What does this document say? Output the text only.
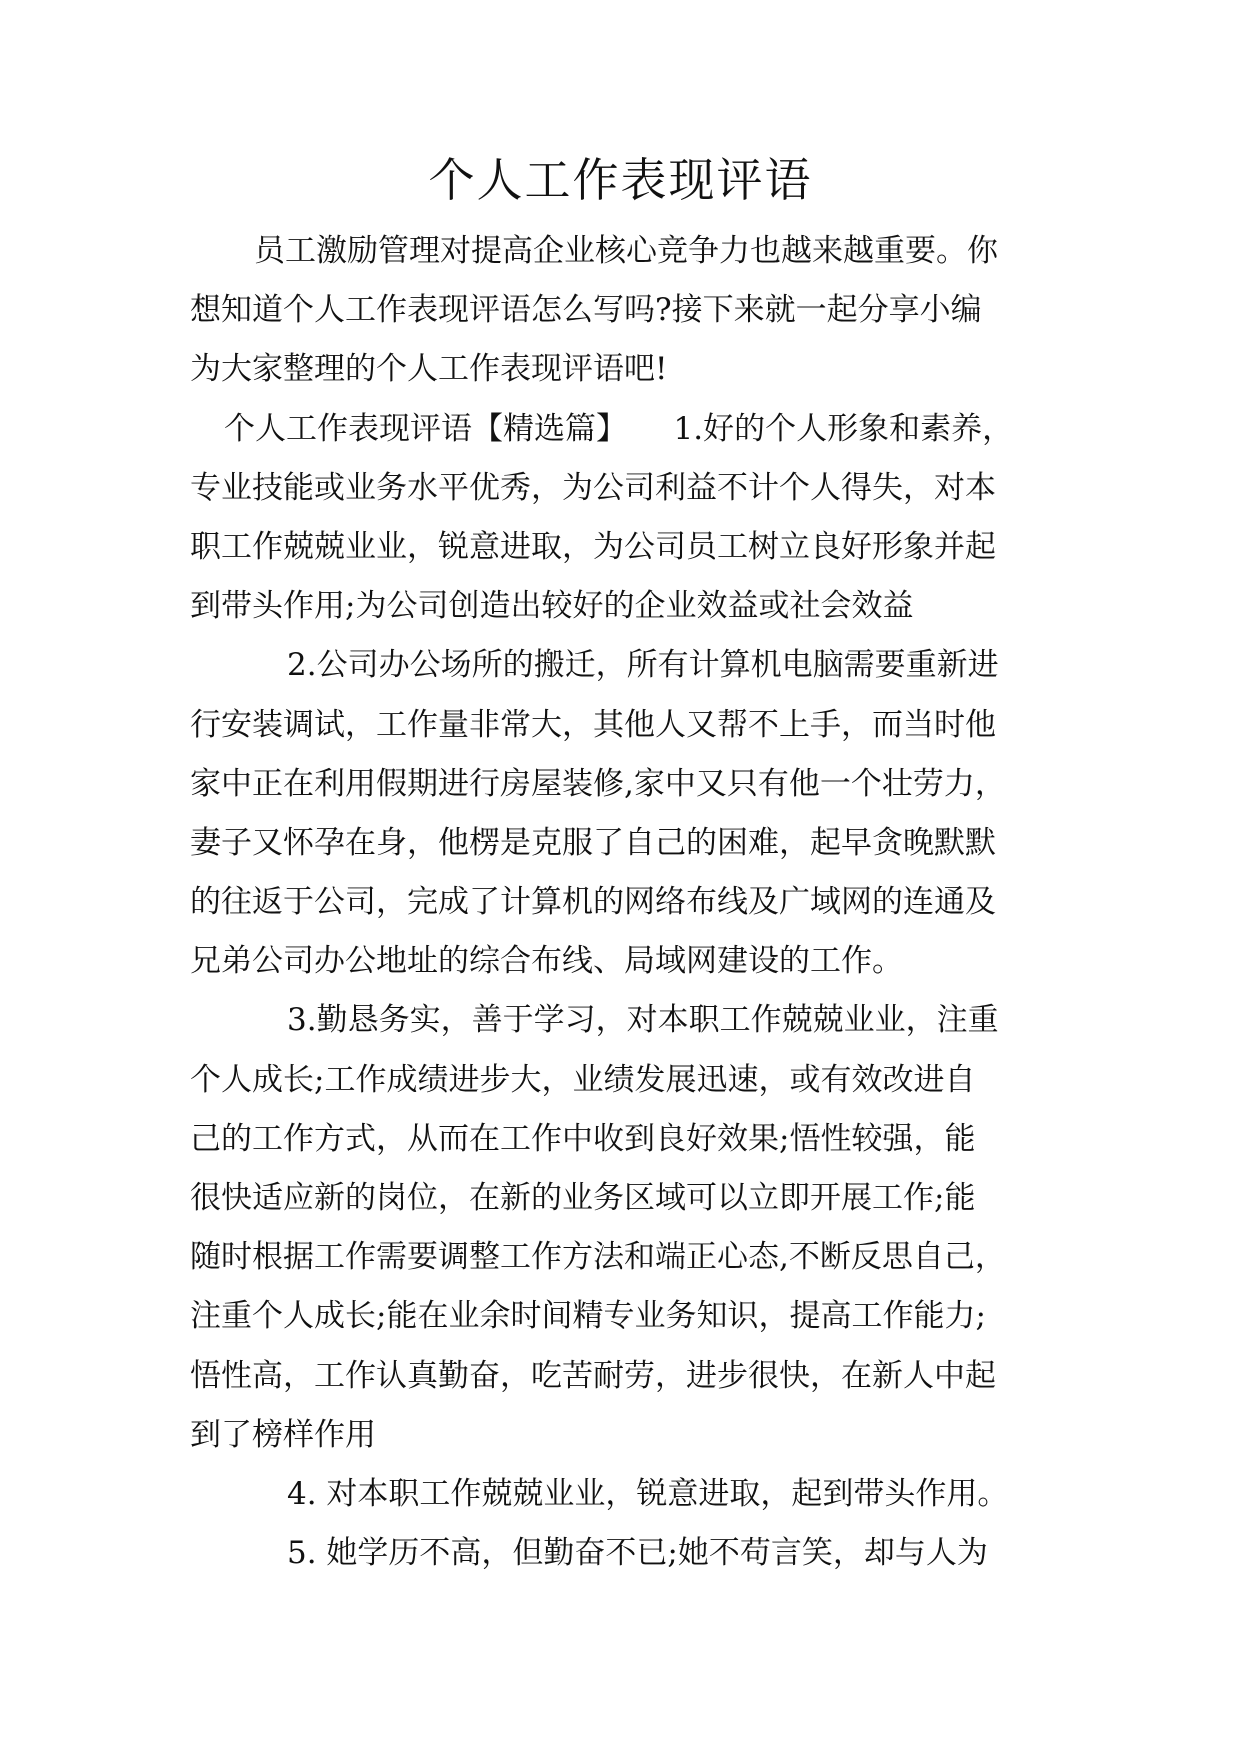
个人工作表现评语
员工激励管理对提高企业核心竞争力也越来越重要。你
想知道个人工作表现评语怎么写吗?接下来就一起分享小编
为大家整理的个人工作表现评语吧!
个人工作表现评语【精选篇】　　1.好的个人形象和素养，
专业技能或业务水平优秀，为公司利益不计个人得失，对本
职工作兢兢业业，锐意进取，为公司员工树立良好形象并起
到带头作用;为公司创造出较好的企业效益或社会效益
2.公司办公场所的搬迁，所有计算机电脑需要重新进
行安装调试，工作量非常大，其他人又帮不上手，而当时他
家中正在利用假期进行房屋装修,家中又只有他一个壮劳力，
妻子又怀孕在身，他楞是克服了自己的困难，起早贪晚默默
的往返于公司，完成了计算机的网络布线及广域网的连通及
兄弟公司办公地址的综合布线、局域网建设的工作。
3.勤恳务实，善于学习，对本职工作兢兢业业，注重
个人成长;工作成绩进步大，业绩发展迅速，或有效改进自
己的工作方式，从而在工作中收到良好效果;悟性较强，能
很快适应新的岗位，在新的业务区域可以立即开展工作;能
随时根据工作需要调整工作方法和端正心态,不断反思自己，
注重个人成长;能在业余时间精专业务知识，提高工作能力;
悟性高，工作认真勤奋，吃苦耐劳，进步很快，在新人中起
到了榜样作用
4. 对本职工作兢兢业业，锐意进取，起到带头作用。
5. 她学历不高，但勤奋不已;她不苟言笑，却与人为
